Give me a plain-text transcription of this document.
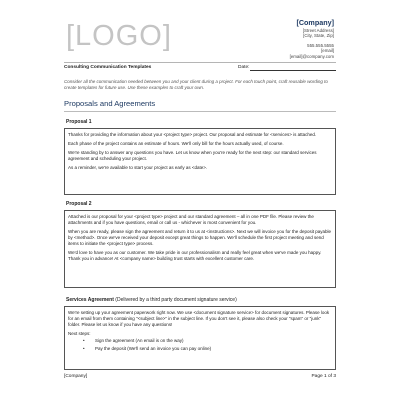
[LOGO]	[Company]
[Street Address]
[City, State, Zip]
555.555.5555
[email]
[email]@company.com
Consulting Communication Templates	Date:
Consider all the communication needed between you and your client during a project. For each touch point, craft reusable wording to create templates for future use. Use these examples to craft your own.
Proposals and Agreements
Proposal 1

Thanks for providing the information about your <project type> project. Our proposal and estimate for <services> is attached.

Each phase of the project contains an estimate of hours. We'll only bill for the hours actually used, of course.

We're standing by to answer any questions you have. Let us know when you're ready for the next step: our standard services agreement and scheduling your project.

As a reminder, we're available to start your project as early as <date>.

Proposal 2

Attached is our proposal for your <project type> project and our standard agreement – all in one PDF file. Please review the attachments and if you have questions, email or call us - whichever is most convenient for you.

When you are ready, please sign the agreement and return it to us at <instructions>. Next we will invoice you for the deposit payable by <method>. Once we've received your deposit except great things to happen. We'll schedule the first project meeting and send items to initiate the <project type> process.

We'd love to have you as our customer. We take pride in our professionalism and really feel great when we've made you happy. Thank you in advance! At <company name> building trust starts with excellent customer care.

Services Agreement (Delivered by a third party document signature service)

We're setting up your agreement paperwork right now. We use <document signature service> for document signatures. Please look for an email from them containing "<subject line>" in the subject line. If you don't see it, please also check your "spam" or "junk" folder. Please let us know if you have any questions!

Next steps:

•	Sign the agreement (An email is on the way)
•	Pay the deposit (We'll send an invoice you can pay online)
[Company]	Page 1 of 3
